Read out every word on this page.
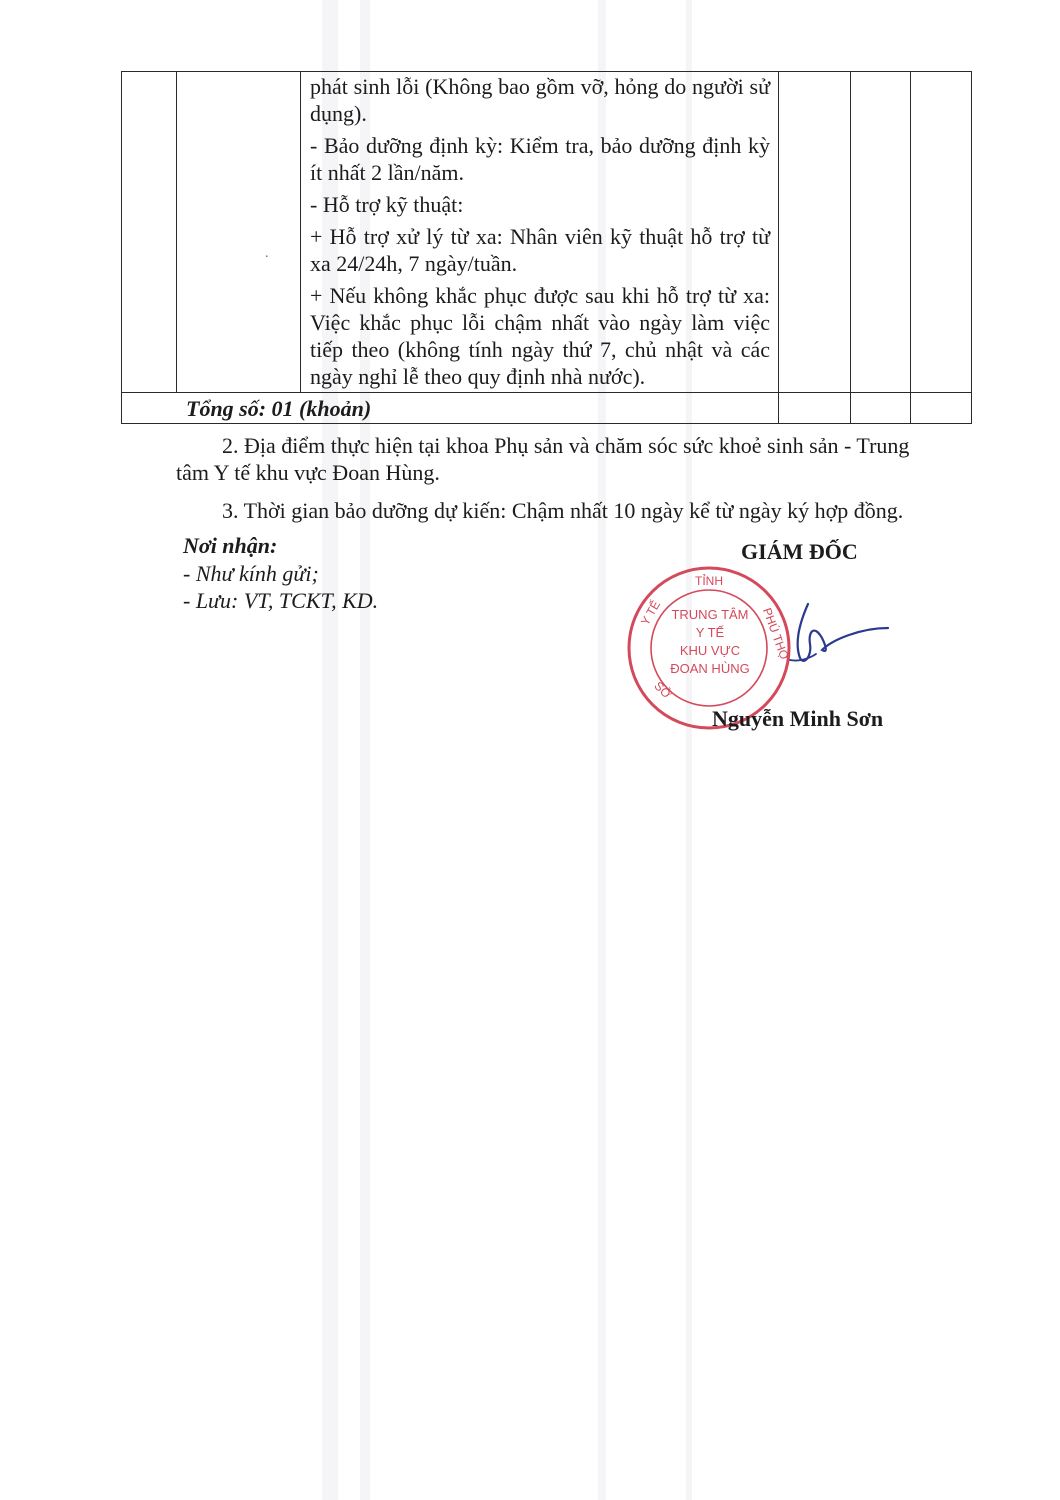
	.	phát sinh lỗi (Không bao gồm vỡ, hỏng do người sử dụng).

- Bảo dưỡng định kỳ: Kiểm tra, bảo dưỡng định kỳ ít nhất 2 lần/năm.

- Hỗ trợ kỹ thuật:

+ Hỗ trợ xử lý từ xa: Nhân viên kỹ thuật hỗ trợ từ xa 24/24h, 7 ngày/tuần.

+ Nếu không khắc phục được sau khi hỗ trợ từ xa: Việc khắc phục lỗi chậm nhất vào ngày làm việc tiếp theo (không tính ngày thứ 7, chủ nhật và các ngày nghỉ lễ theo quy định nhà nước).			

Tổng số: 01 (khoản)					

2. Địa điểm thực hiện tại khoa Phụ sản và chăm sóc sức khoẻ sinh sản - Trung tâm Y tế khu vực Đoan Hùng.

3. Thời gian bảo dưỡng dự kiến: Chậm nhất 10 ngày kể từ ngày ký hợp đồng.

Nơi nhận:
- Như kính gửi;
- Lưu: VT, TCKT, KD.
GIÁM ĐỐC
TỈNH
Y TẾ	PHÚ THỌ
SỞ
TRUNG TÂM
Y TẾ
KHU VỰC
ĐOAN HÙNG
Nguyễn Minh Sơn
